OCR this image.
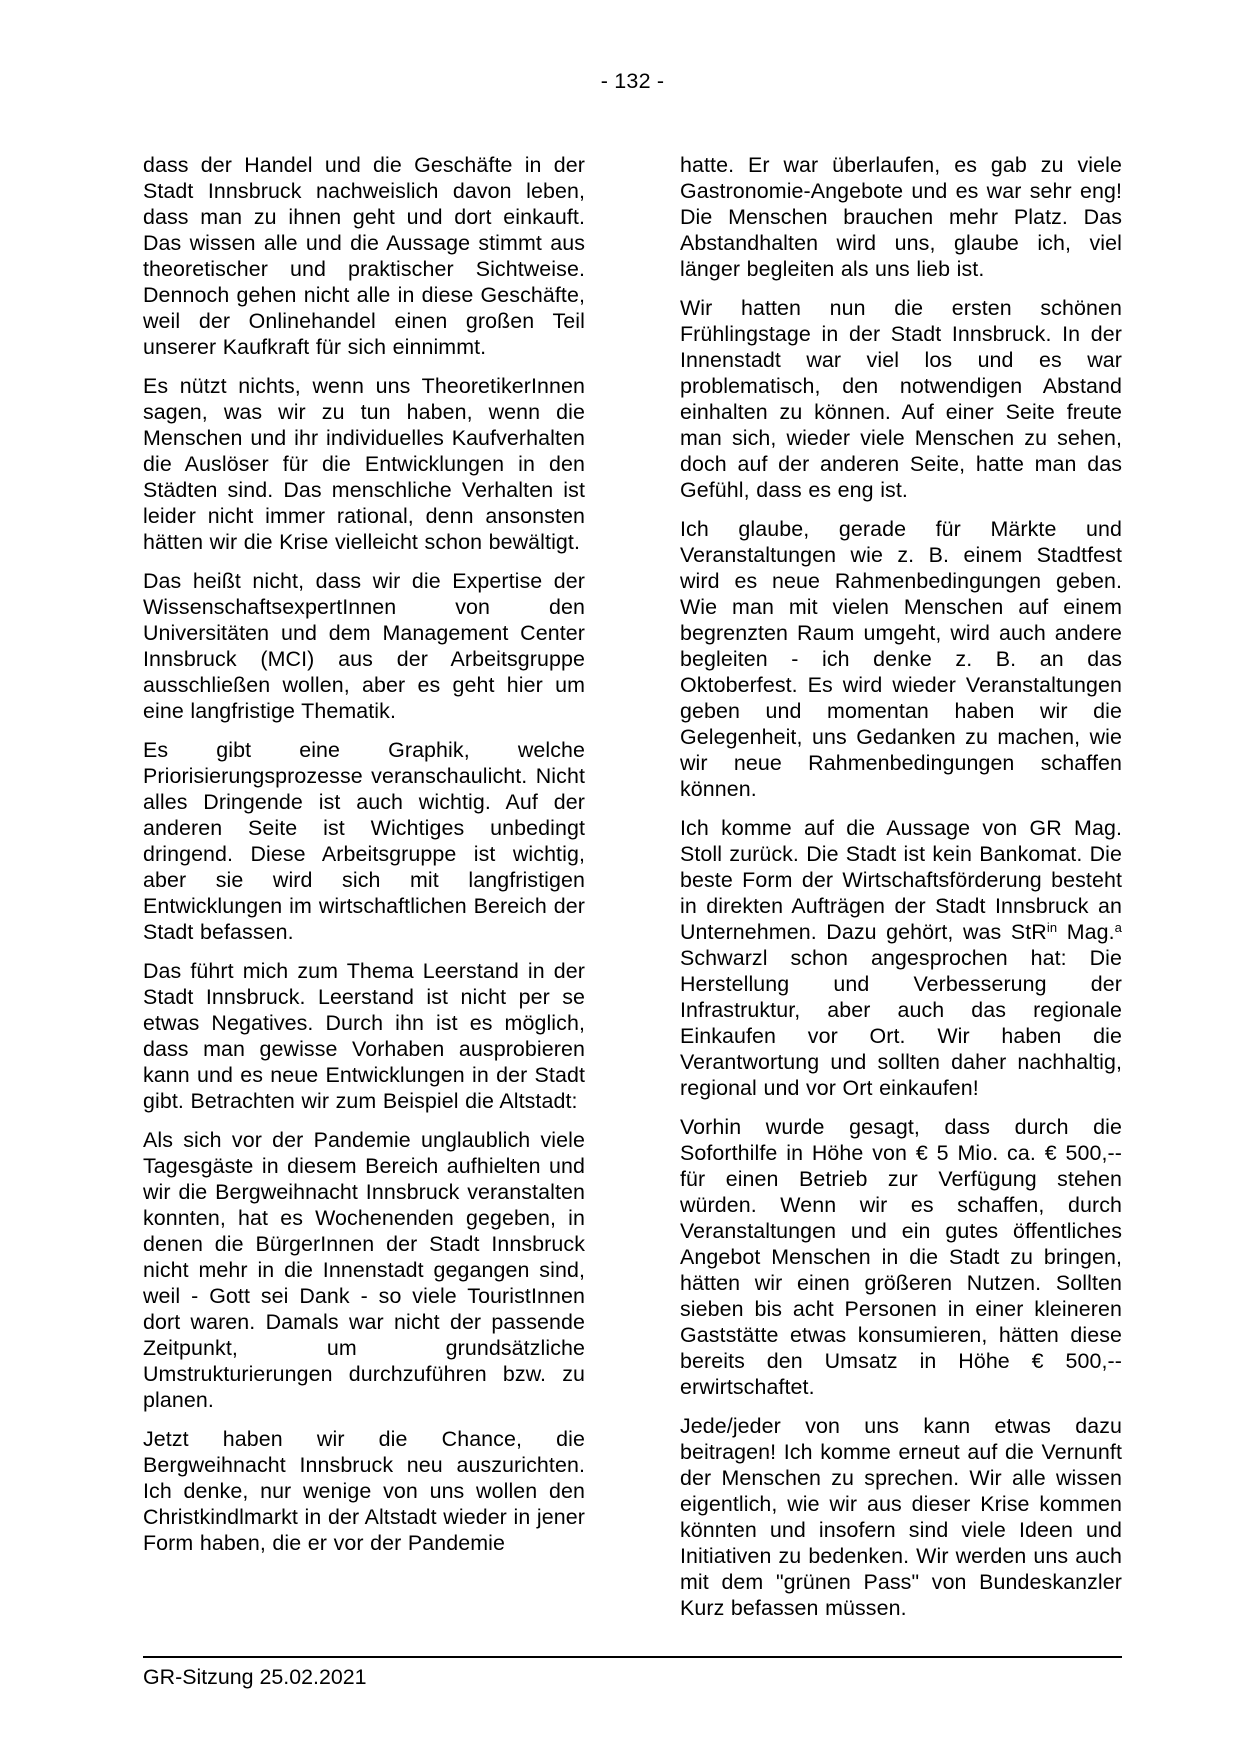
- 132 -

dass der Handel und die Geschäfte in der Stadt Innsbruck nachweislich davon leben, dass man zu ihnen geht und dort einkauft. Das wissen alle und die Aussage stimmt aus theoretischer und praktischer Sichtweise. Dennoch gehen nicht alle in diese Geschäfte, weil der Onlinehandel einen großen Teil unserer Kaufkraft für sich einnimmt.

Es nützt nichts, wenn uns TheoretikerInnen sagen, was wir zu tun haben, wenn die Menschen und ihr individuelles Kaufverhalten die Auslöser für die Entwicklungen in den Städten sind. Das menschliche Verhalten ist leider nicht immer rational, denn ansonsten hätten wir die Krise vielleicht schon bewältigt.

Das heißt nicht, dass wir die Expertise der WissenschaftsexpertInnen von den Universitäten und dem Management Center Innsbruck (MCI) aus der Arbeitsgruppe ausschließen wollen, aber es geht hier um eine langfristige Thematik.

Es gibt eine Graphik, welche Priorisierungsprozesse veranschaulicht. Nicht alles Dringende ist auch wichtig. Auf der anderen Seite ist Wichtiges unbedingt dringend. Diese Arbeitsgruppe ist wichtig, aber sie wird sich mit langfristigen Entwicklungen im wirtschaftlichen Bereich der Stadt befassen.

Das führt mich zum Thema Leerstand in der Stadt Innsbruck. Leerstand ist nicht per se etwas Negatives. Durch ihn ist es möglich, dass man gewisse Vorhaben ausprobieren kann und es neue Entwicklungen in der Stadt gibt. Betrachten wir zum Beispiel die Altstadt:

Als sich vor der Pandemie unglaublich viele Tagesgäste in diesem Bereich aufhielten und wir die Bergweihnacht Innsbruck veranstalten konnten, hat es Wochenenden gegeben, in denen die BürgerInnen der Stadt Innsbruck nicht mehr in die Innenstadt gegangen sind, weil - Gott sei Dank - so viele TouristInnen dort waren. Damals war nicht der passende Zeitpunkt, um grundsätzliche Umstrukturierungen durchzuführen bzw. zu planen.

Jetzt haben wir die Chance, die Bergweihnacht Innsbruck neu auszurichten. Ich denke, nur wenige von uns wollen den Christkindlmarkt in der Altstadt wieder in jener Form haben, die er vor der Pandemie

hatte. Er war überlaufen, es gab zu viele Gastronomie-Angebote und es war sehr eng! Die Menschen brauchen mehr Platz. Das Abstandhalten wird uns, glaube ich, viel länger begleiten als uns lieb ist.

Wir hatten nun die ersten schönen Frühlingstage in der Stadt Innsbruck. In der Innenstadt war viel los und es war problematisch, den notwendigen Abstand einhalten zu können. Auf einer Seite freute man sich, wieder viele Menschen zu sehen, doch auf der anderen Seite, hatte man das Gefühl, dass es eng ist.

Ich glaube, gerade für Märkte und Veranstaltungen wie z. B. einem Stadtfest wird es neue Rahmenbedingungen geben. Wie man mit vielen Menschen auf einem begrenzten Raum umgeht, wird auch andere begleiten - ich denke z. B. an das Oktoberfest. Es wird wieder Veranstaltungen geben und momentan haben wir die Gelegenheit, uns Gedanken zu machen, wie wir neue Rahmenbedingungen schaffen können.

Ich komme auf die Aussage von GR Mag. Stoll zurück. Die Stadt ist kein Bankomat. Die beste Form der Wirtschaftsförderung besteht in direkten Aufträgen der Stadt Innsbruck an Unternehmen. Dazu gehört, was StR$^{in}$ Mag.$^a$ Schwarzl schon angesprochen hat: Die Herstellung und Verbesserung der Infrastruktur, aber auch das regionale Einkaufen vor Ort. Wir haben die Verantwortung und sollten daher nachhaltig, regional und vor Ort einkaufen!

Vorhin wurde gesagt, dass durch die Soforthilfe in Höhe von € 5 Mio. ca. € 500,-- für einen Betrieb zur Verfügung stehen würden. Wenn wir es schaffen, durch Veranstaltungen und ein gutes öffentliches Angebot Menschen in die Stadt zu bringen, hätten wir einen größeren Nutzen. Sollten sieben bis acht Personen in einer kleineren Gaststätte etwas konsumieren, hätten diese bereits den Umsatz in Höhe € 500,-- erwirtschaftet.

Jede/jeder von uns kann etwas dazu beitragen! Ich komme erneut auf die Vernunft der Menschen zu sprechen. Wir alle wissen eigentlich, wie wir aus dieser Krise kommen könnten und insofern sind viele Ideen und Initiativen zu bedenken. Wir werden uns auch mit dem "grünen Pass" von Bundeskanzler Kurz befassen müssen.

GR-Sitzung 25.02.2021
